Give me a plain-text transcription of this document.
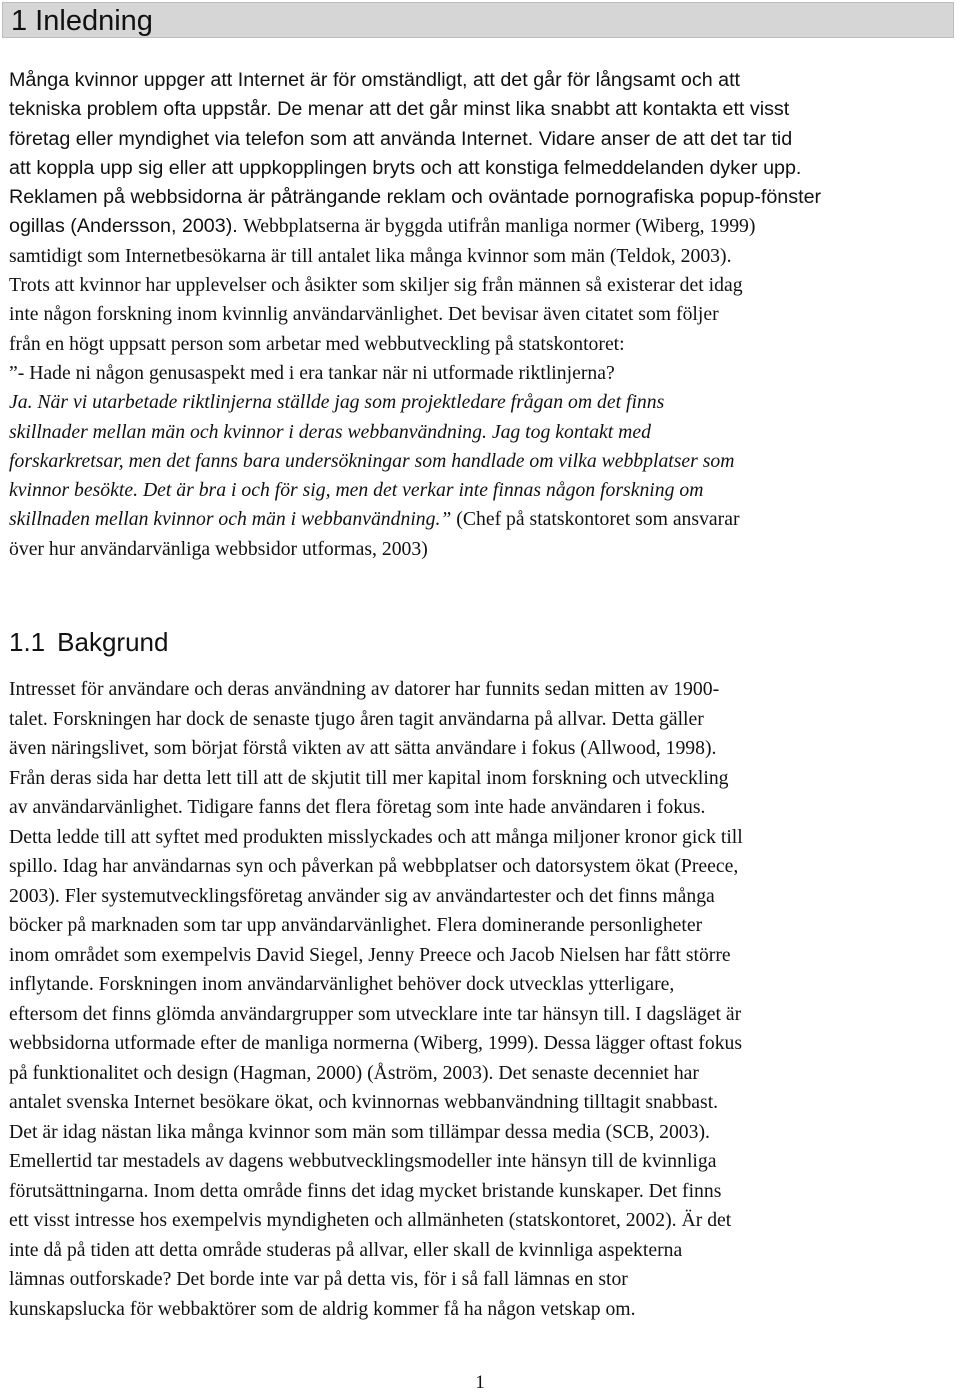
1 Inledning
Många kvinnor uppger att Internet är för omständligt, att det går för långsamt och att
tekniska problem ofta uppstår. De menar att det går minst lika snabbt att kontakta ett visst
företag eller myndighet via telefon som att använda Internet. Vidare anser de att det tar tid
att koppla upp sig eller att uppkopplingen bryts och att konstiga felmeddelanden dyker upp.
Reklamen på webbsidorna är påträngande reklam och oväntade pornografiska popup-fönster
ogillas (Andersson, 2003). Webbplatserna är byggda utifrån manliga normer (Wiberg, 1999)
samtidigt som Internetbesökarna är till antalet lika många kvinnor som män (Teldok, 2003).
Trots att kvinnor har upplevelser och åsikter som skiljer sig från männen så existerar det idag
inte någon forskning inom kvinnlig användarvänlighet. Det bevisar även citatet som följer
från en högt uppsatt person som arbetar med webbutveckling på statskontoret:
”- Hade ni någon genusaspekt med i era tankar när ni utformade riktlinjerna?
Ja. När vi utarbetade riktlinjerna ställde jag som projektledare frågan om det finns
skillnader mellan män och kvinnor i deras webbanvändning. Jag tog kontakt med
forskarkretsar, men det fanns bara undersökningar som handlade om vilka webbplatser som
kvinnor besökte. Det är bra i och för sig, men det verkar inte finnas någon forskning om
skillnaden mellan kvinnor och män i webbanvändning.” (Chef på statskontoret som ansvarar
över hur användarvänliga webbsidor utformas, 2003)
1.1 Bakgrund
Intresset för användare och deras användning av datorer har funnits sedan mitten av 1900-
talet. Forskningen har dock de senaste tjugo åren tagit användarna på allvar. Detta gäller
även näringslivet, som börjat förstå vikten av att sätta användare i fokus (Allwood, 1998).
Från deras sida har detta lett till att de skjutit till mer kapital inom forskning och utveckling
av användarvänlighet. Tidigare fanns det flera företag som inte hade användaren i fokus.
Detta ledde till att syftet med produkten misslyckades och att många miljoner kronor gick till
spillo. Idag har användarnas syn och påverkan på webbplatser och datorsystem ökat (Preece,
2003). Fler systemutvecklingsföretag använder sig av användartester och det finns många
böcker på marknaden som tar upp användarvänlighet. Flera dominerande personligheter
inom området som exempelvis David Siegel, Jenny Preece och Jacob Nielsen har fått större
inflytande. Forskningen inom användarvänlighet behöver dock utvecklas ytterligare,
eftersom det finns glömda användargrupper som utvecklare inte tar hänsyn till. I dagsläget är
webbsidorna utformade efter de manliga normerna (Wiberg, 1999). Dessa lägger oftast fokus
på funktionalitet och design (Hagman, 2000) (Åström, 2003). Det senaste decenniet har
antalet svenska Internet besökare ökat, och kvinnornas webbanvändning tilltagit snabbast.
Det är idag nästan lika många kvinnor som män som tillämpar dessa media (SCB, 2003).
Emellertid tar mestadels av dagens webbutvecklingsmodeller inte hänsyn till de kvinnliga
förutsättningarna. Inom detta område finns det idag mycket bristande kunskaper. Det finns
ett visst intresse hos exempelvis myndigheten och allmänheten (statskontoret, 2002). Är det
inte då på tiden att detta område studeras på allvar, eller skall de kvinnliga aspekterna
lämnas outforskade? Det borde inte var på detta vis, för i så fall lämnas en stor
kunskapslucka för webbaktörer som de aldrig kommer få ha någon vetskap om.
1
